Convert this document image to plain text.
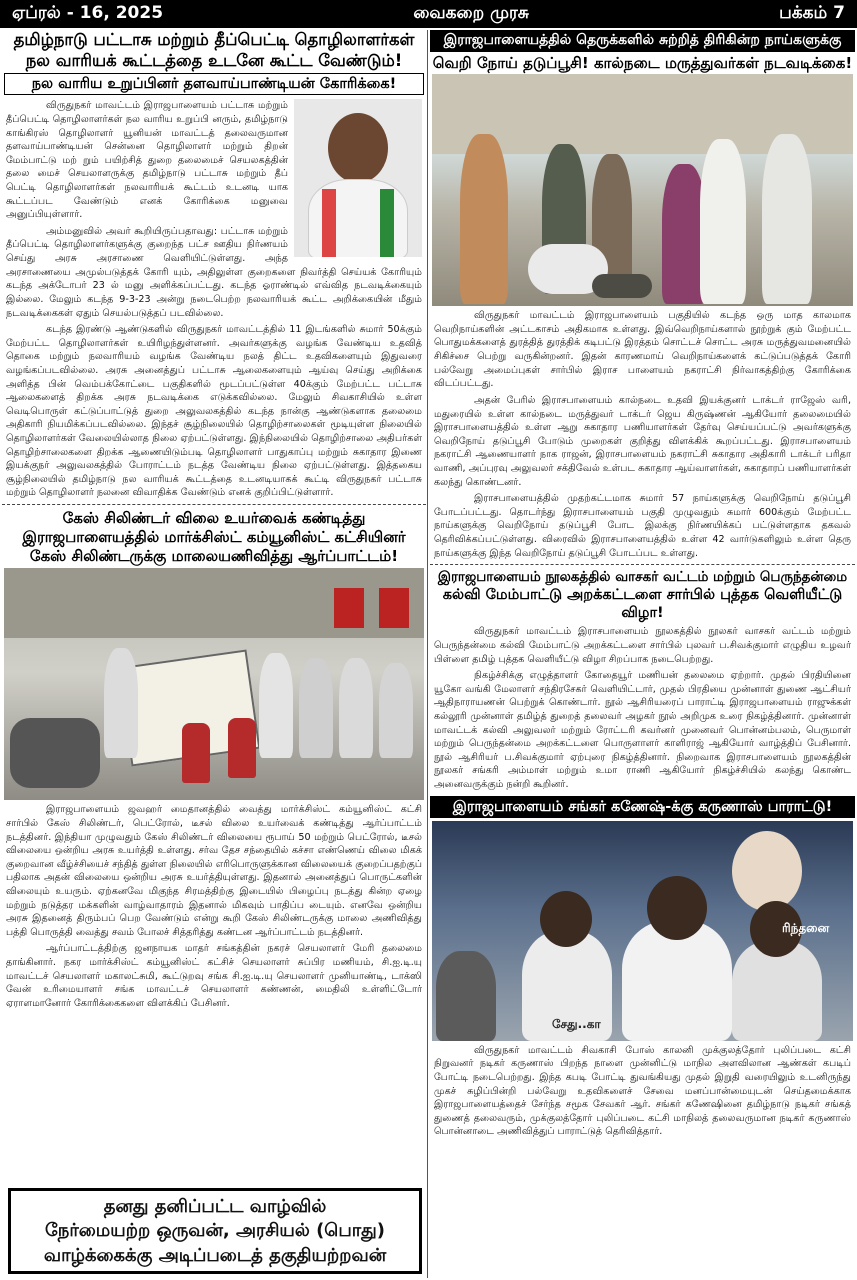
ஏப்ரல் - 16, 2025	வைகறை முரசு	பக்கம் 7
தமிழ்நாடு பட்டாசு மற்றும் தீப்பெட்டி தொழிலாளர்கள்
நல வாரியக் கூட்டத்தை உடனே கூட்ட வேண்டும்!
நல வாரிய உறுப்பினர் தளவாய்பாண்டியன் கோரிக்கை!

விருதுநகர் மாவட்டம் இராஜபாளையம் பட்டாசு மற்றும் தீப்பெட்டி தொழிலாளர்கள் நல வாரிய உறுப்பி னரும், தமிழ்நாடு காங்கிரஸ் தொழிலாளர் யூனியன் மாவட்டத் தலைவருமான தளவாய்பாண்டியன் சென்னை தொழிலாளர் மற்றும் திறன் மேம்பாட்டு மற் றும் பயிற்சித் துறை தலைமைச் செயலகத்தின் தலை மைச் செயலாளருக்கு தமிழ்நாடு பட்டாசு மற்றும் தீப் பெட்டி தொழிலாளர்கள் நலவாரியக் கூட்டம் உடனடி யாக கூட்டப்பட வேண்டும் எனக் கோரிக்கை மனுவை அனுப்பியுள்ளார்.

அம்மனுவில் அவர் கூறியிருப்பதாவது: பட்டாசு மற்றும் தீப்பெட்டி தொழிலாளர்களுக்கு குறைந்த பட்ச ஊதிய நிர்ணயம் செய்து அரசு அரசாணை வெளியிட்டுள்ளது. அந்த அரசாணையை அமுல்படுத்தக் கோரி யும், அதிலுள்ள குறைகளை நிவர்த்தி செய்யக் கோரியும் கடந்த அக்டோபர் 23 ல் மனு அளிக்கப்பட்டது. கடந்த ஓராண்டில் எவ்வித நடவடிக்கையும் இல்லை. மேலும் கடந்த 9-3-23 அன்று நடைபெற்ற நலவாரியக் கூட்ட அறிக்கையின் மீதும் நடவடிக்கைகள் ஏதும் செயல்படுத்தப் படவில்லை.

கடந்த இரண்டு ஆண்டுகளில் விருதுநகர் மாவட்டத்தில் 11 இடங்களில் சுமார் 50க்கும் மேற்பட்ட தொழிலாளர்கள் உயிரிழந்துள்ளனர். அவர்களுக்கு வழங்க வேண்டிய உதவித் தொகை மற்றும் நலவாரியம் வழங்க வேண்டிய நலத் திட்ட உதவிகளையும் இதுவரை வழங்கப்படவில்லை. அரசு அனைத்துப் பட்டாசு ஆலைகளையும் ஆய்வு செய்து அறிக்கை அளித்த பின் வெம்பக்கோட்டை பகுதிகளில் மூடப்பட்டுள்ள 40க்கும் மேற்பட்ட பட்டாசு ஆலைகளைத் திறக்க அரசு நடவடிக்கை எடுக்கவில்லை. மேலும் சிவகாசியில் உள்ள வெடிபொருள் கட்டுப்பாட்டுத் துறை அலுவலகத்தில் கடந்த நான்கு ஆண்டுகளாக தலைமை அதிகாரி நியமிக்கப்படவில்லை. இந்தச் சூழ்நிலையில் தொழிற்சாலைகள் மூடியுள்ள நிலையில் தொழிலாளர்கள் வேலையில்லாத நிலை ஏற்பட்டுள்ளது. இந்நிலையில் தொழிற்சாலை அதிபர்கள் தொழிற்சாலைகளை திறக்க ஆணையிடும்படி தொழிலாளர் பாதுகாப்பு மற்றும் சுகாதார இணை இயக்குநர் அலுவலகத்தில் போராட்டம் நடத்த வேண்டிய நிலை ஏற்பட்டுள்ளது. இத்தகைய சூழ்நிலையில் தமிழ்நாடு நல வாரியக் கூட்டத்தை உடனடியாகக் கூட்டி விருதுநகர் பட்டாசு மற்றும் தொழிலாளர் நலனை விவாதிக்க வேண்டும் எனக் குறிப்பிட்டுள்ளார்.

கேஸ் சிலிண்டர் விலை உயர்வைக் கண்டித்து
இராஜபாளையத்தில் மார்க்சிஸ்ட் கம்யூனிஸ்ட் கட்சியினர்
கேஸ் சிலிண்டருக்கு மாலையணிவித்து ஆர்ப்பாட்டம்!

இராஜபாளையம் ஜவஹர் மைதானத்தில் வைத்து மார்க்சிஸ்ட் கம்யூனிஸ்ட் கட்சி சார்பில் கேஸ் சிலிண்டர், பெட்ரோல், டீசல் விலை உயர்வைக் கண்டித்து ஆர்ப்பாட்டம் நடத்தினர். இந்தியா முழுவதும் கேஸ் சிலிண்டர் விலையை ரூபாய் 50 மற்றும் பெட்ரோல், டீசல் விலையை ஒன்றிய அரசு உயர்த்தி உள்ளது. சர்வ தேச சந்தையில் கச்சா எண்ணெய் விலை மிகக் குறைவான வீழ்ச்சியைச் சந்தித் துள்ள நிலையில் எரிபொருளுக்கான விலையைக் குறைப்பதற்குப் பதிலாக அதன் விலையை ஒன்றிய அரசு உயர்த்தியுள்ளது. இதனால் அனைத்துப் பொருட்களின் விலையும் உயரும். ஏற்கனவே மிகுந்த சிரமத்திற்கு இடையில் பிழைப்பு நடத்து கின்ற ஏழை மற்றும் நடுத்தர மக்களின் வாழ்வாதாரம் இதனால் மிகவும் பாதிப்ப டையும். எனவே ஒன்றிய அரசு இதனைத் திரும்பப் பெற வேண்டும் என்று கூறி கேஸ் சிலிண்டருக்கு மாலை அணிவித்து பத்தி பொருத்தி வைத்து சவம் போலச் சித்தரித்து கண்டன ஆர்ப்பாட்டம் நடத்தினர்.

ஆர்ப்பாட்டத்திற்கு ஜனநாயக மாதர் சங்கத்தின் நகரச் செயலாளர் மேரி தலைமை தாங்கினார். நகர மார்க்சிஸ்ட் கம்யூனிஸ்ட் கட்சிச் செயலாளர் சுப்பிர மணியம், சி.ஐ.டி.யு மாவட்டச் செயலாளர் மகாலட்சுமி, கூட்டுறவு சங்க சி.ஐ.டி.யு செயலாளர் முனியாண்டி, டாக்ஸி வேன் உரிமையாளர் சங்க மாவட்டச் செயலாளர் கண்ணன், மைதிலி உள்ளிட்டோர் ஏராளமானோர் கோரிக்கைகளை விளக்கிப் பேசினர்.

தனது தனிப்பட்ட வாழ்வில்
நேர்மையற்ற ஒருவன், அரசியல் (பொது)
வாழ்க்கைக்கு அடிப்படைத் தகுதியற்றவன்
இராஜபாளையத்தில் தெருக்களில் சுற்றித் திரிகின்ற நாய்களுக்கு
வெறி நோய் தடுப்பூசி! கால்நடை மருத்துவர்கள் நடவடிக்கை!

விருதுநகர் மாவட்டம் இராஜபாளையம் பகுதியில் கடந்த ஒரு மாத காலமாக வெறிநாய்களின் அட்டகாசம் அதிகமாக உள்ளது. இவ்வெறிநாய்களால் நூற்றுக் கும் மேற்பட்ட பொதுமக்களைத் துரத்தித் துரத்திக் கடிபட்டு இரத்தம் சொட்டச் சொட்ட அரசு மருத்துவமனையில் சிகிச்சை பெற்று வருகின்றனர். இதன் காரணமாய் வெறிநாய்களைக் கட்டுப்படுத்தக் கோரி பல்வேறு அமைப்புகள் சார்பில் இராச பாளையம் நகராட்சி நிர்வாகத்திற்கு கோரிக்கை விடப்பட்டது.

அதன் பேரில் இராசபாளையம் கால்நடை உதவி இயக்குனர் டாக்டர் ராஜேஸ் வரி, மதுரையில் உள்ள கால்நடை மருத்துவர் டாக்டர் ஜெய கிருஷ்ணன் ஆகியோர் தலைமையில் இராசபாளையத்தில் உள்ள ஆறு சுகாதார பணியாளர்கள் தேர்வு செய்யப்பட்டு அவர்களுக்கு வெறிநோய் தடுப்பூசி போடும் முறைகள் குறித்து விளக்கிக் கூறப்பட்டது. இராசபாளையம் நகராட்சி ஆணையாளர் நாக ராஜன், இராசபாளையம் நகராட்சி சுகாதார அதிகாரி டாக்டர் பரிதா வாணி, அப்புரவு அலுவலர் சக்திவேல் உள்பட சுகாதார ஆய்வாளர்கள், சுகாதாரப் பணியாளர்கள் கலந்து கொண்டனர்.

இராசபாளையத்தில் முதற்கட்டமாக சுமார் 57 நாய்களுக்கு வெறிநோய் தடுப்பூசி போடப்பட்டது. தொடர்ந்து இராசபாளையம் பகுதி முழுவதும் சுமார் 600க்கும் மேற்பட்ட நாய்களுக்கு வெறிநோய் தடுப்பூசி போட இலக்கு நிர்ணயிக்கப் பட்டுள்ளதாக தகவல் தெரிவிக்கப்பட்டுள்ளது. விரைவில் இராசபாளையத்தில் உள்ள 42 வார்டுகளிலும் உள்ள தெரு நாய்களுக்கு இந்த வெறிநோய் தடுப்பூசி போடப்பட உள்ளது.

இராஜபாளையம் நூலகத்தில் வாசகர் வட்டம் மற்றும் பெருந்தன்மை
கல்வி மேம்பாட்டு அறக்கட்டளை சார்பில் புத்தக வெளியீட்டு விழா!

விருதுநகர் மாவட்டம் இராசபாளையம் நூலகத்தில் நூலகர் வாசகர் வட்டம் மற்றும் பெருந்தன்மை கல்வி மேம்பாட்டு அறக்கட்டளை சார்பில் புலவர் ப.சிவக்குமார் எழுதிய உழவர் பிள்ளை தமிழ் புத்தக வெளியீட்டு விழா சிறப்பாக நடைபெற்றது.

நிகழ்ச்சிக்கு எழுத்தாளர் கோதையூர் மணியன் தலைமை ஏற்றார். முதல் பிரதியினை யூகோ வங்கி மேலாளர் சந்திரசேகர் வெளியிட்டார், முதல் பிரதியை முன்னாள் துணை ஆட்சியர் ஆதிநாராயணன் பெற்றுக் கொண்டார். நூல் ஆசிரியரைப் பாராட்டி இராஜபாளையம் ராஜுக்கள் கல்லூரி முன்னாள் தமிழ்த் துறைத் தலைவர் அழகர் நூல் அறிமுக உரை நிகழ்த்தினார். முன்னாள் மாவட்டக் கல்வி அலுவலர் மற்றும் ரோட்டரி கவர்னர் முனைவர் பொன்னம்பலம், பெருமாள் மற்றும் பெருந்தன்மை அறக்கட்டளை பொருளாளர் காளிராஜ் ஆகியோர் வாழ்த்திப் பேசினார். நூல் ஆசிரியர் ப.சிவக்குமார் ஏற்புரை நிகழ்த்தினார். நிறைவாக இராசபாளையம் நூலகத்தின் நூலகர் சங்கரி அம்மாள் மற்றும் உமா ராணி ஆகியோர் நிகழ்ச்சியில் கலந்து கொண்ட அனைவருக்கும் நன்றி கூறினர்.

இராஜபாளையம் சங்கர் கணேஷ்-க்கு கருணாஸ் பாராட்டு!
சேது..கா
ரிந்தனை

விருதுநகர் மாவட்டம் சிவகாசி போஸ் காலனி முக்குலத்தோர் புலிப்படை கட்சி நிறுவனர் நடிகர் கருணாஸ் பிறந்த நாளை முன்னிட்டு மாநில அளவிலான ஆண்கள் கபடிப் போட்டி நடைபெற்றது. இந்த கபடி போட்டி துவங்கியது முதல் இறுதி வரையிலும் உடனிருந்து முகச் சுழிப்பின்றி பல்வேறு உதவிகளைச் சேவை மனப்பான்மையுடன் செய்தமைக்காக இராஜபாளையத்தைச் சேர்ந்த சமூக சேவகர் ஆர். சங்கர் கணேஷினை தமிழ்நாடு நடிகர் சங்கத் துணைத் தலைவரும், முக்குலத்தோர் புலிப்படை கட்சி மாநிலத் தலைவருமான நடிகர் கருணாஸ் பொன்னாடை அணிவித்துப் பாராட்டுத் தெரிவித்தார்.
